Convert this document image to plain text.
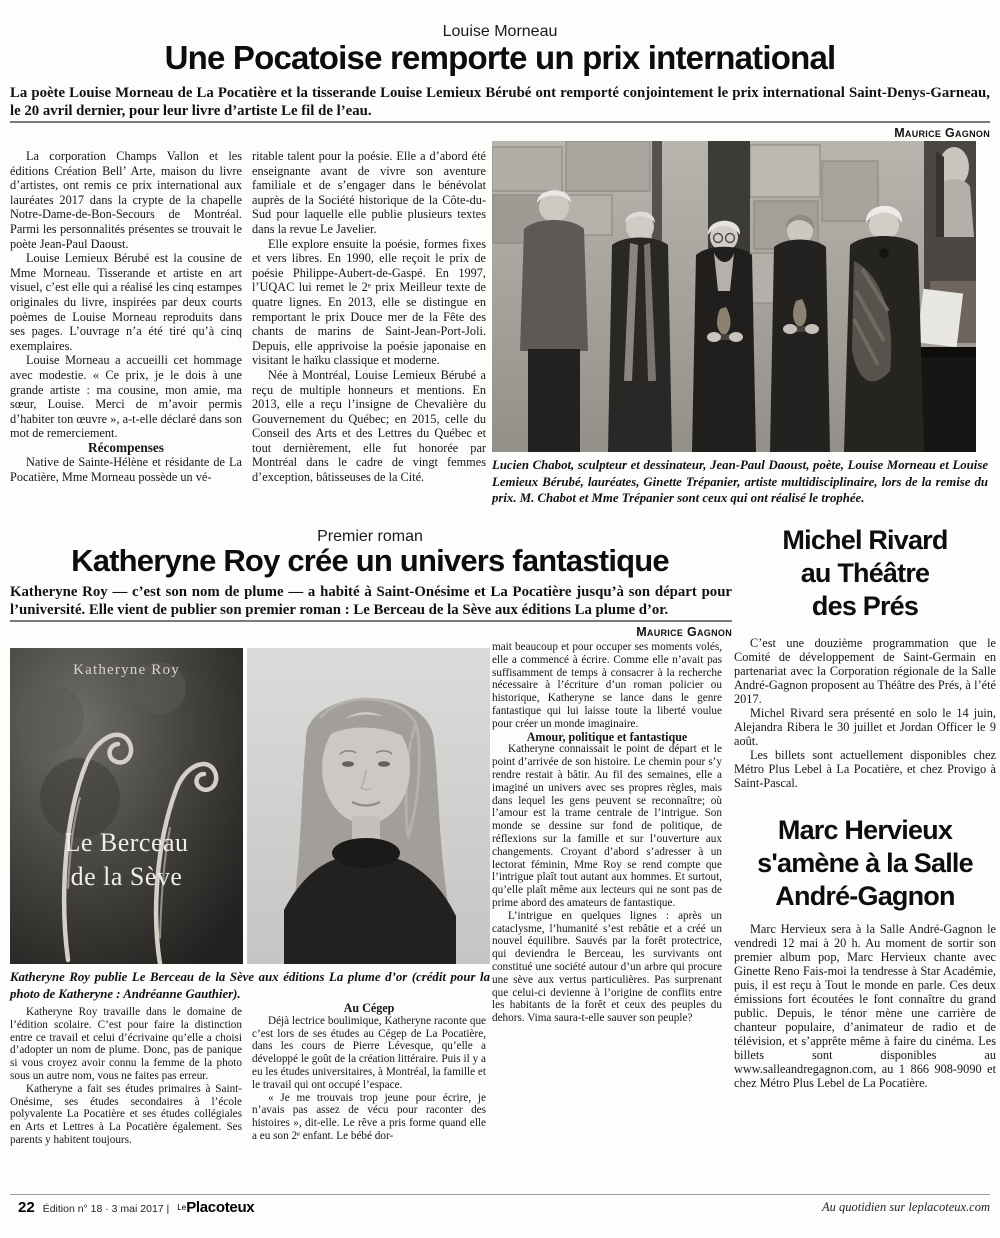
Louise Morneau
Une Pocatoise remporte un prix international
La poète Louise Morneau de La Pocatière et la tisserande Louise Lemieux Bérubé ont remporté conjointement le prix international Saint-Denys-Garneau, le 20 avril dernier, pour leur livre d’artiste Le fil de l’eau.
Maurice Gagnon

La corporation Champs Vallon et les éditions Création Bell’ Arte, maison du livre d’artistes, ont remis ce prix international aux lauréates 2017 dans la crypte de la chapelle Notre-Dame-de-Bon-Secours de Montréal. Parmi les personnalités présentes se trouvait le poète Jean-Paul Daoust.

Louise Lemieux Bérubé est la cousine de Mme Morneau. Tisserande et artiste en art visuel, c’est elle qui a réalisé les cinq estampes originales du livre, inspirées par deux courts poèmes de Louise Morneau reproduits dans ses pages. L’ouvrage n’a été tiré qu’à cinq exemplaires.

Louise Morneau a accueilli cet hommage avec modestie. « Ce prix, je le dois à une grande artiste : ma cousine, mon amie, ma sœur, Louise. Merci de m’avoir permis d’habiter ton œuvre », a-t-elle déclaré dans son mot de remerciement.

Récompenses

Native de Sainte-Hélène et résidante de La Pocatière, Mme Morneau possède un vé-

ritable talent pour la poésie. Elle a d’abord été enseignante avant de vivre son aventure familiale et de s’engager dans le bénévolat auprès de la Société historique de la Côte-du-Sud pour laquelle elle publie plusieurs textes dans la revue Le Javelier.

Elle explore ensuite la poésie, formes fixes et vers libres. En 1990, elle reçoit le prix de poésie Philippe-Aubert-de-Gaspé. En 1997, l’UQAC lui remet le 2ᵉ prix Meilleur texte de quatre lignes. En 2013, elle se distingue en remportant le prix Douce mer de la Fête des chants de marins de Saint-Jean-Port-Joli. Depuis, elle apprivoise la poésie japonaise en visitant le haïku classique et moderne.

Née à Montréal, Louise Lemieux Bérubé a reçu de multiple honneurs et mentions. En 2013, elle a reçu l’insigne de Chevalière du Gouvernement du Québec; en 2015, celle du Conseil des Arts et des Lettres du Québec et tout dernièrement, elle fut honorée par Montréal dans le cadre de vingt femmes d’exception, bâtisseuses de la Cité.

Lucien Chabot, sculpteur et dessinateur, Jean-Paul Daoust, poète, Louise Morneau et Louise Lemieux Bérubé, lauréates, Ginette Trépanier, artiste multidisciplinaire, lors de la remise du prix. M. Chabot et Mme Trépanier sont ceux qui ont réalisé le trophée.
Premier roman
Katheryne Roy crée un univers fantastique
Katheryne Roy — c’est son nom de plume — a habité à Saint-Onésime et La Pocatière jusqu’à son départ pour l’université. Elle vient de publier son premier roman : Le Berceau de la Sève aux éditions La plume d’or.
Maurice Gagnon
Katheryne Roy
Le Berceau
de la Sève
Katheryne Roy publie Le Berceau de la Sève aux éditions La plume d’or (crédit pour la photo de Katheryne : Andréanne Gauthier).

Katheryne Roy travaille dans le domaine de l’édition scolaire. C’est pour faire la distinction entre ce travail et celui d’écrivaine qu’elle a choisi d’adopter un nom de plume. Donc, pas de panique si vous croyez avoir connu la femme de la photo sous un autre nom, vous ne faites pas erreur.

Katheryne a fait ses études primaires à Saint-Onésime, ses études secondaires à l’école polyvalente La Pocatière et ses études collégiales en Arts et Lettres à La Pocatière également. Ses parents y habitent toujours.

Au Cégep

Déjà lectrice boulimique, Katheryne raconte que c’est lors de ses études au Cégep de La Pocatière, dans les cours de Pierre Lévesque, qu’elle a développé le goût de la création littéraire. Puis il y a eu les études universitaires, à Montréal, la famille et le travail qui ont occupé l’espace.

« Je me trouvais trop jeune pour écrire, je n’avais pas assez de vécu pour raconter des histoires », dit-elle. Le rêve a pris forme quand elle a eu son 2ᵉ enfant. Le bébé dor-

mait beaucoup et pour occuper ses moments volés, elle a commencé à écrire. Comme elle n’avait pas suffisamment de temps à consacrer à la recherche nécessaire à l’écriture d’un roman policier ou historique, Katheryne se lance dans le genre fantastique qui lui laisse toute la liberté voulue pour créer un monde imaginaire.

Amour, politique et fantastique

Katheryne connaissait le point de départ et le point d’arrivée de son histoire. Le chemin pour s’y rendre restait à bâtir. Au fil des semaines, elle a imaginé un univers avec ses propres règles, mais dans lequel les gens peuvent se reconnaître; où l’amour est la trame centrale de l’intrigue. Son monde se dessine sur fond de politique, de réflexions sur la famille et sur l’ouverture aux changements. Croyant d’abord s’adresser à un lectorat féminin, Mme Roy se rend compte que l’intrigue plaît tout autant aux hommes. Et surtout, qu’elle plaît même aux lecteurs qui ne sont pas de prime abord des amateurs de fantastique.

L’intrigue en quelques lignes : après un cataclysme, l’humanité s’est rebâtie et a créé un nouvel équilibre. Sauvés par la forêt protectrice, qui deviendra le Berceau, les survivants ont constitué une société autour d’un arbre qui procure une sève aux vertus particulières. Pas surprenant que celui-ci devienne à l’origine de conflits entre les habitants de la forêt et ceux des peuples du dehors. Vima saura-t-elle sauver son peuple?

Michel Rivard
au Théâtre
des Prés

C’est une douzième programmation que le Comité de développement de Saint-Germain en partenariat avec la Corporation régionale de la Salle André-Gagnon proposent au Théâtre des Prés, à l’été 2017.

Michel Rivard sera présenté en solo le 14 juin, Alejandra Ribera le 30 juillet et Jordan Officer le 9 août.

Les billets sont actuellement disponibles chez Métro Plus Lebel à La Pocatière, et chez Provigo à Saint-Pascal.

Marc Hervieux
s'amène à la Salle
André-Gagnon

Marc Hervieux sera à la Salle André-Gagnon le vendredi 12 mai à 20 h. Au moment de sortir son premier album pop, Marc Hervieux chante avec Ginette Reno Fais-moi la tendresse à Star Académie, puis, il est reçu à Tout le monde en parle. Ces deux émissions fort écoutées le font connaître du grand public. Depuis, le ténor mène une carrière de chanteur populaire, d’animateur de radio et de télévision, et s’apprête même à faire du cinéma. Les billets sont disponibles au www.salleandregagnon.com, au 1 866 908-9090 et chez Métro Plus Lebel de La Pocatière.

22 Édition n° 18 · 3 mai 2017 | LePlacoteux	Au quotidien sur leplacoteux.com
